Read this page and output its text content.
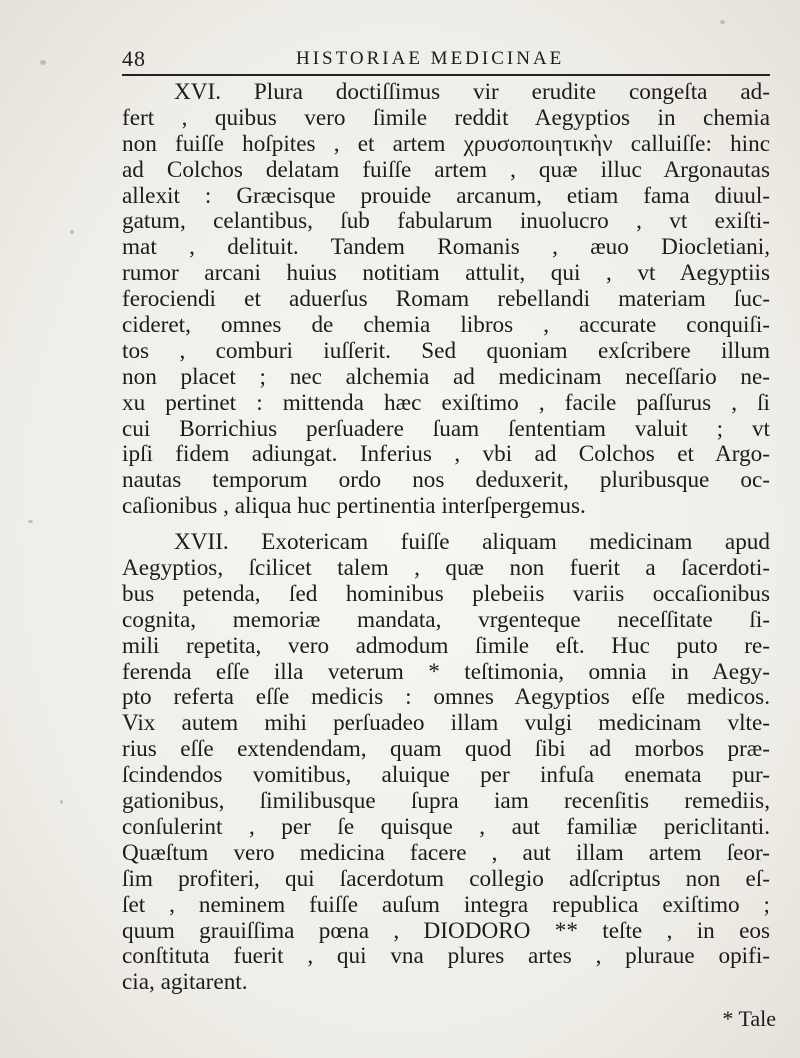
48	HISTORIAE MEDICINAE
XVI. Plura doctiſſimus vir erudite congeſta ad-
fert , quibus vero ſimile reddit Aegyptios in chemia
non fuiſſe hoſpites , et artem χρυσοποιητικὴν calluiſſe: hinc
ad Colchos delatam fuiſſe artem , quæ illuc Argonautas
allexit : Græcisque prouide arcanum, etiam fama diuul-
gatum, celantibus, ſub fabularum inuolucro , vt exiſti-
mat , delituit. Tandem Romanis , æuo Diocletiani,
rumor arcani huius notitiam attulit, qui , vt Aegyptiis
ferociendi et aduerſus Romam rebellandi materiam ſuc-
cideret, omnes de chemia libros , accurate conquiſi-
tos , comburi iuſſerit. Sed quoniam exſcribere illum
non placet ; nec alchemia ad medicinam neceſſario ne-
xu pertinet : mittenda hæc exiſtimo , facile paſſurus , ſi
cui Borrichius perſuadere ſuam ſententiam valuit ; vt
ipſi fidem adiungat. Inferius , vbi ad Colchos et Argo-
nautas temporum ordo nos deduxerit, pluribusque oc-
caſionibus , aliqua huc pertinentia interſpergemus.
XVII. Exotericam fuiſſe aliquam medicinam apud
Aegyptios, ſcilicet talem , quæ non fuerit a ſacerdoti-
bus petenda, ſed hominibus plebeiis variis occaſionibus
cognita, memoriæ mandata, vrgenteque neceſſitate ſi-
mili repetita, vero admodum ſimile eſt. Huc puto re-
ferenda eſſe illa veterum * teſtimonia, omnia in Aegy-
pto referta eſſe medicis : omnes Aegyptios eſſe medicos.
Vix autem mihi perſuadeo illam vulgi medicinam vlte-
rius eſſe extendendam, quam quod ſibi ad morbos præ-
ſcindendos vomitibus, aluique per infuſa enemata pur-
gationibus, ſimilibusque ſupra iam recenſitis remediis,
conſulerint , per ſe quisque , aut familiæ periclitanti.
Quæſtum vero medicina facere , aut illam artem ſeor-
ſim profiteri, qui ſacerdotum collegio adſcriptus non eſ-
ſet , neminem fuiſſe auſum integra republica exiſtimo ;
quum grauiſſima pœna , DIODORO ** teſte , in eos
conſtituta fuerit , qui vna plures artes , pluraue opifi-
cia, agitarent.
* Tale
